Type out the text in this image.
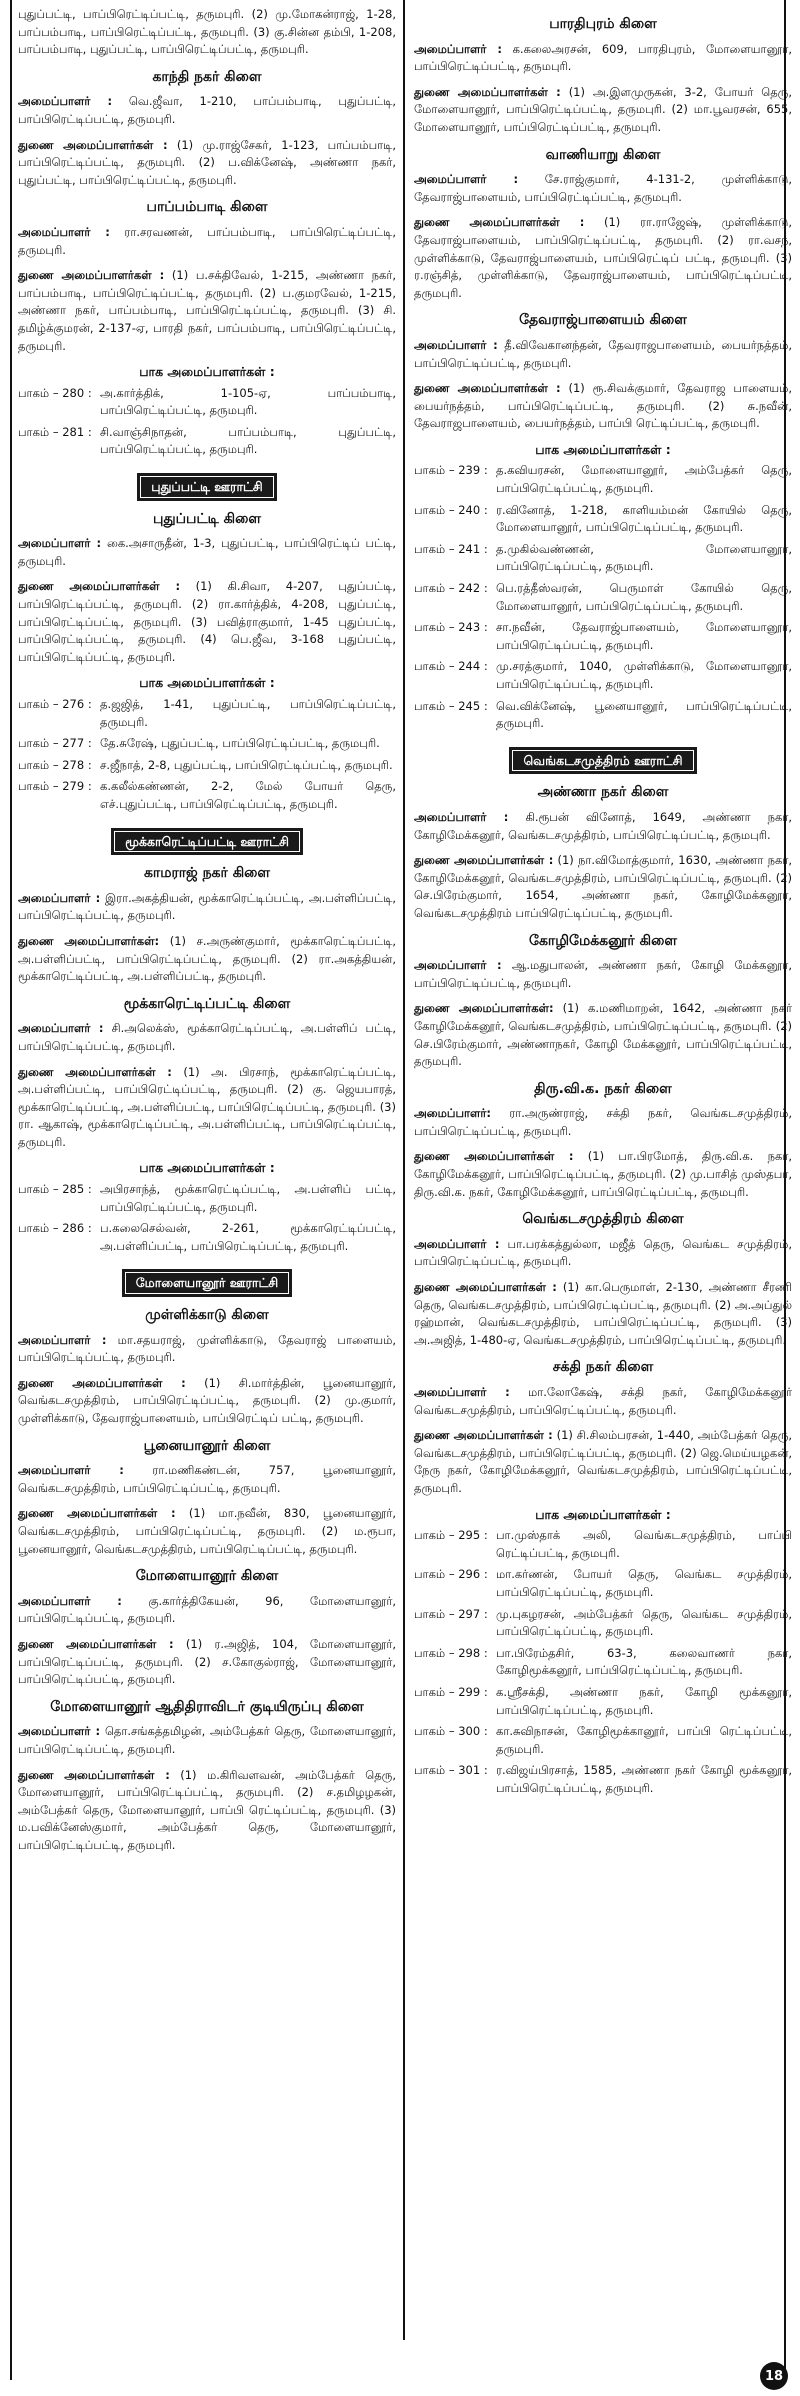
புதுப்பட்டி, பாப்பிரெட்டிப்பட்டி, தருமபுரி. (2) மு.மோகன்ராஜ், 1-28, பாப்பம்பாடி, பாப்பிரெட்டிப்பட்டி, தருமபுரி. (3) கு.சின்ன தம்பி, 1-208, பாப்பம்பாடி, புதுப்பட்டி, பாப்பிரெட்டிப்பட்டி, தருமபுரி.

காந்தி நகர் கிளை

அமைப்பாளர் : வெ.ஜீவா, 1-210, பாப்பம்பாடி, புதுப்பட்டி, பாப்பிரெட்டிப்பட்டி, தருமபுரி.

துணை அமைப்பாளர்கள் : (1) மு.ராஜ்சேகர், 1-123, பாப்பம்பாடி, பாப்பிரெட்டிப்பட்டி, தருமபுரி. (2) ப.விக்னேஷ், அண்ணா நகர், புதுப்பட்டி, பாப்பிரெட்டிப்பட்டி, தருமபுரி.

பாப்பம்பாடி கிளை

அமைப்பாளர் : ரா.சரவணன், பாப்பம்பாடி, பாப்பிரெட்டிப்பட்டி, தருமபுரி.

துணை அமைப்பாளர்கள் : (1) ப.சக்திவேல், 1-215, அண்ணா நகர், பாப்பம்பாடி, பாப்பிரெட்டிப்பட்டி, தருமபுரி. (2) ப.குமரவேல், 1-215, அண்ணா நகர், பாப்பம்பாடி, பாப்பிரெட்டிப்பட்டி, தருமபுரி. (3) சி. தமிழ்க்குமரன், 2-137-ஏ, பாரதி நகர், பாப்பம்பாடி, பாப்பிரெட்டிப்பட்டி, தருமபுரி.

பாக அமைப்பாளர்கள் :
பாகம் – 280 : அ.கார்த்திக், 1-105-ஏ, பாப்பம்பாடி, பாப்பிரெட்டிப்பட்டி, தருமபுரி.
பாகம் – 281 : சி.வாஞ்சிநாதன், பாப்பம்பாடி, புதுப்பட்டி, பாப்பிரெட்டிப்பட்டி, தருமபுரி.
புதுப்பட்டி ஊராட்சி
புதுப்பட்டி கிளை

அமைப்பாளர் : கை.அசாருதீன், 1-3, புதுப்பட்டி, பாப்பிரெட்டிப் பட்டி, தருமபுரி.

துணை அமைப்பாளர்கள் : (1) கி.சிவா, 4-207, புதுப்பட்டி, பாப்பிரெட்டிப்பட்டி, தருமபுரி. (2) ரா.கார்த்திக், 4-208, புதுப்பட்டி, பாப்பிரெட்டிப்பட்டி, தருமபுரி. (3) பவித்ராகுமார், 1-45 புதுப்பட்டி, பாப்பிரெட்டிப்பட்டி, தருமபுரி. (4) பெ.ஜீவ, 3-168 புதுப்பட்டி, பாப்பிரெட்டிப்பட்டி, தருமபுரி.

பாக அமைப்பாளர்கள் :
பாகம் – 276 : த.ஜஜித், 1-41, புதுப்பட்டி, பாப்பிரெட்டிப்பட்டி, தருமபுரி.
பாகம் – 277 : தே.சுரேஷ், புதுப்பட்டி, பாப்பிரெட்டிப்பட்டி, தருமபுரி.
பாகம் – 278 : ச.ஜீநாத், 2-8, புதுப்பட்டி, பாப்பிரெட்டிப்பட்டி, தருமபுரி.
பாகம் – 279 : க.கலீல்கண்ணன், 2-2, மேல் போயர் தெரு, எச்.புதுப்பட்டி, பாப்பிரெட்டிப்பட்டி, தருமபுரி.
மூக்காரெட்டிப்பட்டி ஊராட்சி
காமராஜ் நகர் கிளை

அமைப்பாளர் : இரா.அகத்தியன், மூக்காரெட்டிப்பட்டி, அ.பள்ளிப்பட்டி, பாப்பிரெட்டிப்பட்டி, தருமபுரி.

துணை அமைப்பாளர்கள்: (1) ச.அருண்குமார், மூக்காரெட்டிப்பட்டி, அ.பள்ளிப்பட்டி, பாப்பிரெட்டிப்பட்டி, தருமபுரி. (2) ரா.அகத்தியன், மூக்காரெட்டிப்பட்டி, அ.பள்ளிப்பட்டி, தருமபுரி.

மூக்காரெட்டிப்பட்டி கிளை

அமைப்பாளர் : சி.அலெக்ஸ், மூக்காரெட்டிப்பட்டி, அ.பள்ளிப் பட்டி, பாப்பிரெட்டிப்பட்டி, தருமபுரி.

துணை அமைப்பாளர்கள் : (1) அ. பிரசாந், மூக்காரெட்டிப்பட்டி, அ.பள்ளிப்பட்டி, பாப்பிரெட்டிப்பட்டி, தருமபுரி. (2) கு. ஜெயபாரத், மூக்காரெட்டிப்பட்டி, அ.பள்ளிப்பட்டி, பாப்பிரெட்டிப்பட்டி, தருமபுரி. (3) ரா. ஆகாஷ், மூக்காரெட்டிப்பட்டி, அ.பள்ளிப்பட்டி, பாப்பிரெட்டிப்பட்டி, தருமபுரி.

பாக அமைப்பாளர்கள் :
பாகம் – 285 : அபிரசாந்த், மூக்காரெட்டிப்பட்டி, அ.பள்ளிப் பட்டி, பாப்பிரெட்டிப்பட்டி, தருமபுரி.
பாகம் – 286 : ப.கலைசெல்வன், 2-261, மூக்காரெட்டிப்பட்டி, அ.பள்ளிப்பட்டி, பாப்பிரெட்டிப்பட்டி, தருமபுரி.
மோளையானூர் ஊராட்சி
முள்ளிக்காடு கிளை

அமைப்பாளர் : மா.சதயராஜ், முள்ளிக்காடு, தேவராஜ் பாளையம், பாப்பிரெட்டிப்பட்டி, தருமபுரி.

துணை அமைப்பாளர்கள் : (1) சி.மார்த்தின், பூனையானூர், வெங்கடசமுத்திரம், பாப்பிரெட்டிப்பட்டி, தருமபுரி. (2) மு.குமார், முள்ளிக்காடு, தேவராஜ்பாளையம், பாப்பிரெட்டிப் பட்டி, தருமபுரி.

பூனையானூர் கிளை

அமைப்பாளர் : ரா.மணிகண்டன், 757, பூனையானூர், வெங்கடசமுத்திரம், பாப்பிரெட்டிப்பட்டி, தருமபுரி.

துணை அமைப்பாளர்கள் : (1) மா.நவீன், 830, பூனையானூர், வெங்கடசமுத்திரம், பாப்பிரெட்டிப்பட்டி, தருமபுரி. (2) ம.ரூபா, பூனையானூர், வெங்கடசமுத்திரம், பாப்பிரெட்டிப்பட்டி, தருமபுரி.

மோளையானூர் கிளை

அமைப்பாளர் : கு.கார்த்திகேயன், 96, மோளையானூர், பாப்பிரெட்டிப்பட்டி, தருமபுரி.

துணை அமைப்பாளர்கள் : (1) ர.அஜித், 104, மோளையானூர், பாப்பிரெட்டிப்பட்டி, தருமபுரி. (2) ச.கோகுல்ராஜ், மோளையானூர், பாப்பிரெட்டிப்பட்டி, தருமபுரி.

மோளையானூர் ஆதிதிராவிடர் குடியிருப்பு கிளை

அமைப்பாளர் : தொ.சங்கத்தமிழன், அம்பேத்கர் தெரு, மோளையானூர், பாப்பிரெட்டிப்பட்டி, தருமபுரி.

துணை அமைப்பாளர்கள் : (1) ம.கிரிவளவன், அம்பேத்கர் தெரு, மோளையானூர், பாப்பிரெட்டிப்பட்டி, தருமபுரி. (2) ச.தமிழழகன், அம்பேத்கர் தெரு, மோளையானூர், பாப்பி ரெட்டிப்பட்டி, தருமபுரி. (3) ம.பவிக்னேஸ்குமார், அம்பேத்கர் தெரு, மோளையானூர், பாப்பிரெட்டிப்பட்டி, தருமபுரி.

பாரதிபுரம் கிளை

அமைப்பாளர் : க.கலைஅரசன், 609, பாரதிபுரம், மோளையானூர், பாப்பிரெட்டிப்பட்டி, தருமபுரி.

துணை அமைப்பாளர்கள் : (1) அ.இளமுருகன், 3-2, போயர் தெரு, மோளையானூர், பாப்பிரெட்டிப்பட்டி, தருமபுரி. (2) மா.பூவரசன், 655, மோளையானூர், பாப்பிரெட்டிப்பட்டி, தருமபுரி.

வாணியாறு கிளை

அமைப்பாளர் : சே.ராஜ்குமார், 4-131-2, முள்ளிக்காடு, தேவராஜ்பாளையம், பாப்பிரெட்டிப்பட்டி, தருமபுரி.

துணை அமைப்பாளர்கள் : (1) ரா.ராஜேஷ், முள்ளிக்காடு, தேவராஜ்பாளையம், பாப்பிரெட்டிப்பட்டி, தருமபுரி. (2) ரா.வசந், முள்ளிக்காடு, தேவராஜ்பாளையம், பாப்பிரெட்டிப் பட்டி, தருமபுரி. (3) ர.ரஞ்சித், முள்ளிக்காடு, தேவராஜ்பாளையம், பாப்பிரெட்டிப்பட்டி, தருமபுரி.

தேவராஜ்பாளையம் கிளை

அமைப்பாளர் : தீ.விவேகானந்தன், தேவராஜபாளையம், பையர்நத்தம், பாப்பிரெட்டிப்பட்டி, தருமபுரி.

துணை அமைப்பாளர்கள் : (1) ரூ.சிவக்குமார், தேவராஜ பாளையம், பையர்நத்தம், பாப்பிரெட்டிப்பட்டி, தருமபுரி. (2) சு.நவீன், தேவராஜபாளையம், பையர்நத்தம், பாப்பி ரெட்டிப்பட்டி, தருமபுரி.

பாக அமைப்பாளர்கள் :
பாகம் – 239 : த.கவியரசன், மோளையானூர், அம்பேத்கர் தெரு, பாப்பிரெட்டிப்பட்டி, தருமபுரி.
பாகம் – 240 : ர.வினோத், 1-218, காளியம்மன் கோயில் தெரு, மோளையானூர், பாப்பிரெட்டிப்பட்டி, தருமபுரி.
பாகம் – 241 : த.முகில்வண்ணன், மோளையானூர், பாப்பிரெட்டிப்பட்டி, தருமபுரி.
பாகம் – 242 : பெ.ரத்தீஸ்வரன், பெருமாள் கோயில் தெரு, மோளையானூர், பாப்பிரெட்டிப்பட்டி, தருமபுரி.
பாகம் – 243 : சா.நவீன், தேவராஜ்பாளையம், மோளையானூர், பாப்பிரெட்டிப்பட்டி, தருமபுரி.
பாகம் – 244 : மு.சரத்குமார், 1040, முள்ளிக்காடு, மோளையானூர், பாப்பிரெட்டிப்பட்டி, தருமபுரி.
பாகம் – 245 : வெ.விக்னேஷ், பூனையானூர், பாப்பிரெட்டிப்பட்டி, தருமபுரி.
வெங்கடசமுத்திரம் ஊராட்சி
அண்ணா நகர் கிளை

அமைப்பாளர் : கி.ரூபன் வினோத், 1649, அண்ணா நகர், கோழிமேக்கனூர், வெங்கடசமுத்திரம், பாப்பிரெட்டிப்பட்டி, தருமபுரி.

துணை அமைப்பாளர்கள் : (1) நா.விமோத்குமார், 1630, அண்ணா நகர், கோழிமேக்கனூர், வெங்கடசமுத்திரம், பாப்பிரெட்டிப்பட்டி, தருமபுரி. (2) செ.பிரேம்குமார், 1654, அண்ணா நகர், கோழிமேக்கனூர், வெங்கடசமுத்திரம் பாப்பிரெட்டிப்பட்டி, தருமபுரி.

கோழிமேக்கனூர் கிளை

அமைப்பாளர் : ஆ.மதுபாலன், அண்ணா நகர், கோழி மேக்கனூர், பாப்பிரெட்டிப்பட்டி, தருமபுரி.

துணை அமைப்பாளர்கள்: (1) க.மணிமாறன், 1642, அண்ணா நகர் கோழிமேக்கனூர், வெங்கடசமுத்திரம், பாப்பிரெட்டிப்பட்டி, தருமபுரி. (2) செ.பிரேம்குமார், அண்ணாநகர், கோழி மேக்கனூர், பாப்பிரெட்டிப்பட்டி, தருமபுரி.

திரு.வி.க. நகர் கிளை

அமைப்பாளர்: ரா.அருண்ராஜ், சக்தி நகர், வெங்கடசமுத்திரம், பாப்பிரெட்டிப்பட்டி, தருமபுரி.

துணை அமைப்பாளர்கள் : (1) பா.பிரமோத், திரு.வி.க. நகர், கோழிமேக்கனூர், பாப்பிரெட்டிப்பட்டி, தருமபுரி. (2) மு.பாசித் முஸ்தபா, திரு.வி.க. நகர், கோழிமேக்கனூர், பாப்பிரெட்டிப்பட்டி, தருமபுரி.

வெங்கடசமுத்திரம் கிளை

அமைப்பாளர் : பா.பரக்கத்துல்லா, மஜீத் தெரு, வெங்கட சமுத்திரம், பாப்பிரெட்டிப்பட்டி, தருமபுரி.

துணை அமைப்பாளர்கள் : (1) கா.பெருமாள், 2-130, அண்ணா சீரணி தெரு, வெங்கடசமுத்திரம், பாப்பிரெட்டிப்பட்டி, தருமபுரி. (2) அ.அப்துல் ரஹ்மான், வெங்கடசமுத்திரம், பாப்பிரெட்டிப்பட்டி, தருமபுரி. (3) அ.அஜித், 1-480-ஏ, வெங்கடசமுத்திரம், பாப்பிரெட்டிப்பட்டி, தருமபுரி.

சக்தி நகர் கிளை

அமைப்பாளர் : மா.லோகேஷ், சக்தி நகர், கோழிமேக்கனூர் வெங்கடசமுத்திரம், பாப்பிரெட்டிப்பட்டி, தருமபுரி.

துணை அமைப்பாளர்கள் : (1) சி.சிலம்பரசன், 1-440, அம்பேத்கர் தெரு, வெங்கடசமுத்திரம், பாப்பிரெட்டிப்பட்டி, தருமபுரி. (2) ஜெ.மெய்யழகன், நேரு நகர், கோழிமேக்கனூர், வெங்கடசமுத்திரம், பாப்பிரெட்டிப்பட்டி, தருமபுரி.

பாக அமைப்பாளர்கள் :
பாகம் – 295 : பா.முஸ்தாக் அலி, வெங்கடசமுத்திரம், பாப்பி ரெட்டிப்பட்டி, தருமபுரி.
பாகம் – 296 : மா.கர்ணன், போயர் தெரு, வெங்கட சமுத்திரம், பாப்பிரெட்டிப்பட்டி, தருமபுரி.
பாகம் – 297 : மு.புகழரசன், அம்பேத்கர் தெரு, வெங்கட சமுத்திரம், பாப்பிரெட்டிப்பட்டி, தருமபுரி.
பாகம் – 298 : பா.பிரேம்தசிர், 63-3, கலைவாணர் நகர், கோழிமூக்கனூர், பாப்பிரெட்டிப்பட்டி, தருமபுரி.
பாகம் – 299 : க.ஸ்ரீசக்தி, அண்ணா நகர், கோழி மூக்கனூர், பாப்பிரெட்டிப்பட்டி, தருமபுரி.
பாகம் – 300 : கா.சுவிநாசன், கோழிமூக்கானூர், பாப்பி ரெட்டிப்பட்டி, தருமபுரி.
பாகம் – 301 : ர.விஜய்பிரசாத், 1585, அண்ணா நகர் கோழி மூக்கனூர், பாப்பிரெட்டிப்பட்டி, தருமபுரி.
18
